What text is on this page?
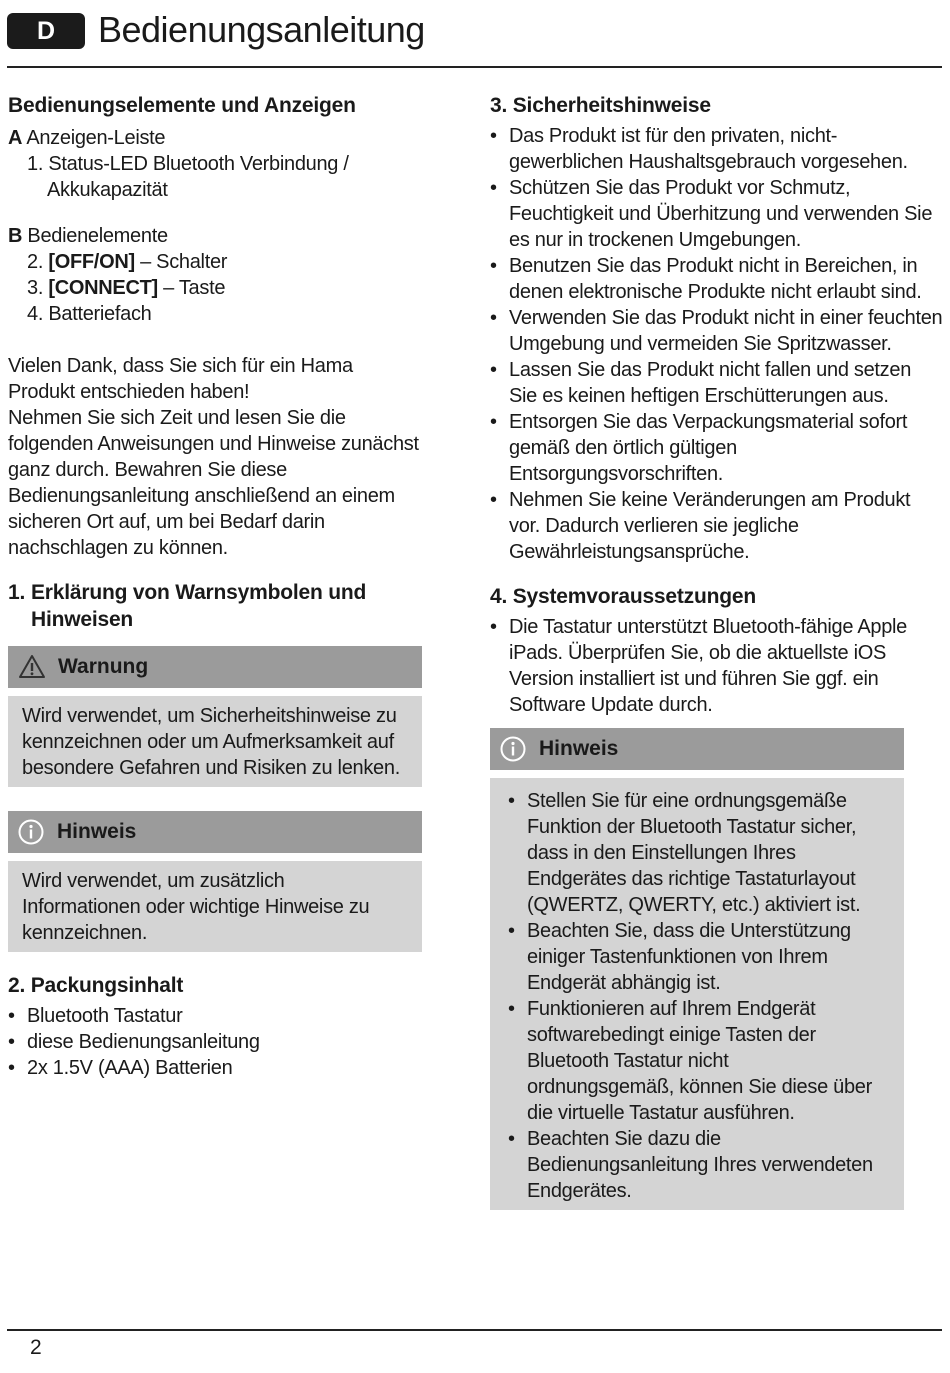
D	Bedienungsanleitung
Bedienungselemente und Anzeigen
A Anzeigen-Leiste
1. Status-LED Bluetooth Verbindung /
Akkukapazität
B Bedienelemente
2. [OFF/ON] – Schalter
3. [CONNECT] – Taste
4. Batteriefach
Vielen Dank, dass Sie sich für ein Hama Produkt entschieden haben!
Nehmen Sie sich Zeit und lesen Sie die folgenden Anweisungen und Hinweise zunächst ganz durch. Bewahren Sie diese Bedienungsanleitung anschließend an einem sicheren Ort auf, um bei Bedarf darin nachschlagen zu können.
1. Erklärung von Warnsymbolen und
Hinweisen
Warnung
Wird verwendet, um Sicherheitshinweise zu kennzeichnen oder um Aufmerksamkeit auf besondere Gefahren und Risiken zu lenken.
Hinweis
Wird verwendet, um zusätzlich Informationen oder wichtige Hinweise zu kennzeichnen.
2. Packungsinhalt
• Bluetooth Tastatur
• diese Bedienungsanleitung
• 2x 1.5V (AAA) Batterien
3. Sicherheitshinweise
• Das Produkt ist für den privaten, nicht-gewerblichen Haushaltsgebrauch vorgesehen.
• Schützen Sie das Produkt vor Schmutz, Feuchtigkeit und Überhitzung und verwenden Sie es nur in trockenen Umgebungen.
• Benutzen Sie das Produkt nicht in Bereichen, in denen elektronische Produkte nicht erlaubt sind.
• Verwenden Sie das Produkt nicht in einer feuchten Umgebung und vermeiden Sie Spritzwasser.
• Lassen Sie das Produkt nicht fallen und setzen Sie es keinen heftigen Erschütterungen aus.
• Entsorgen Sie das Verpackungsmaterial sofort gemäß den örtlich gültigen Entsorgungsvorschriften.
• Nehmen Sie keine Veränderungen am Produkt vor. Dadurch verlieren sie jegliche Gewährleistungsansprüche.
4. Systemvoraussetzungen
• Die Tastatur unterstützt Bluetooth-fähige Apple iPads. Überprüfen Sie, ob die aktuellste iOS Version installiert ist und führen Sie ggf. ein Software Update durch.
Hinweis
• Stellen Sie für eine ordnungsgemäße Funktion der Bluetooth Tastatur sicher, dass in den Einstellungen Ihres Endgerätes das richtige Tastaturlayout (QWERTZ, QWERTY, etc.) aktiviert ist.
• Beachten Sie, dass die Unterstützung einiger Tastenfunktionen von Ihrem Endgerät abhängig ist.
• Funktionieren auf Ihrem Endgerät softwarebedingt einige Tasten der Bluetooth Tastatur nicht ordnungsgemäß, können Sie diese über die virtuelle Tastatur ausführen.
• Beachten Sie dazu die Bedienungsanleitung Ihres verwendeten Endgerätes.
2
